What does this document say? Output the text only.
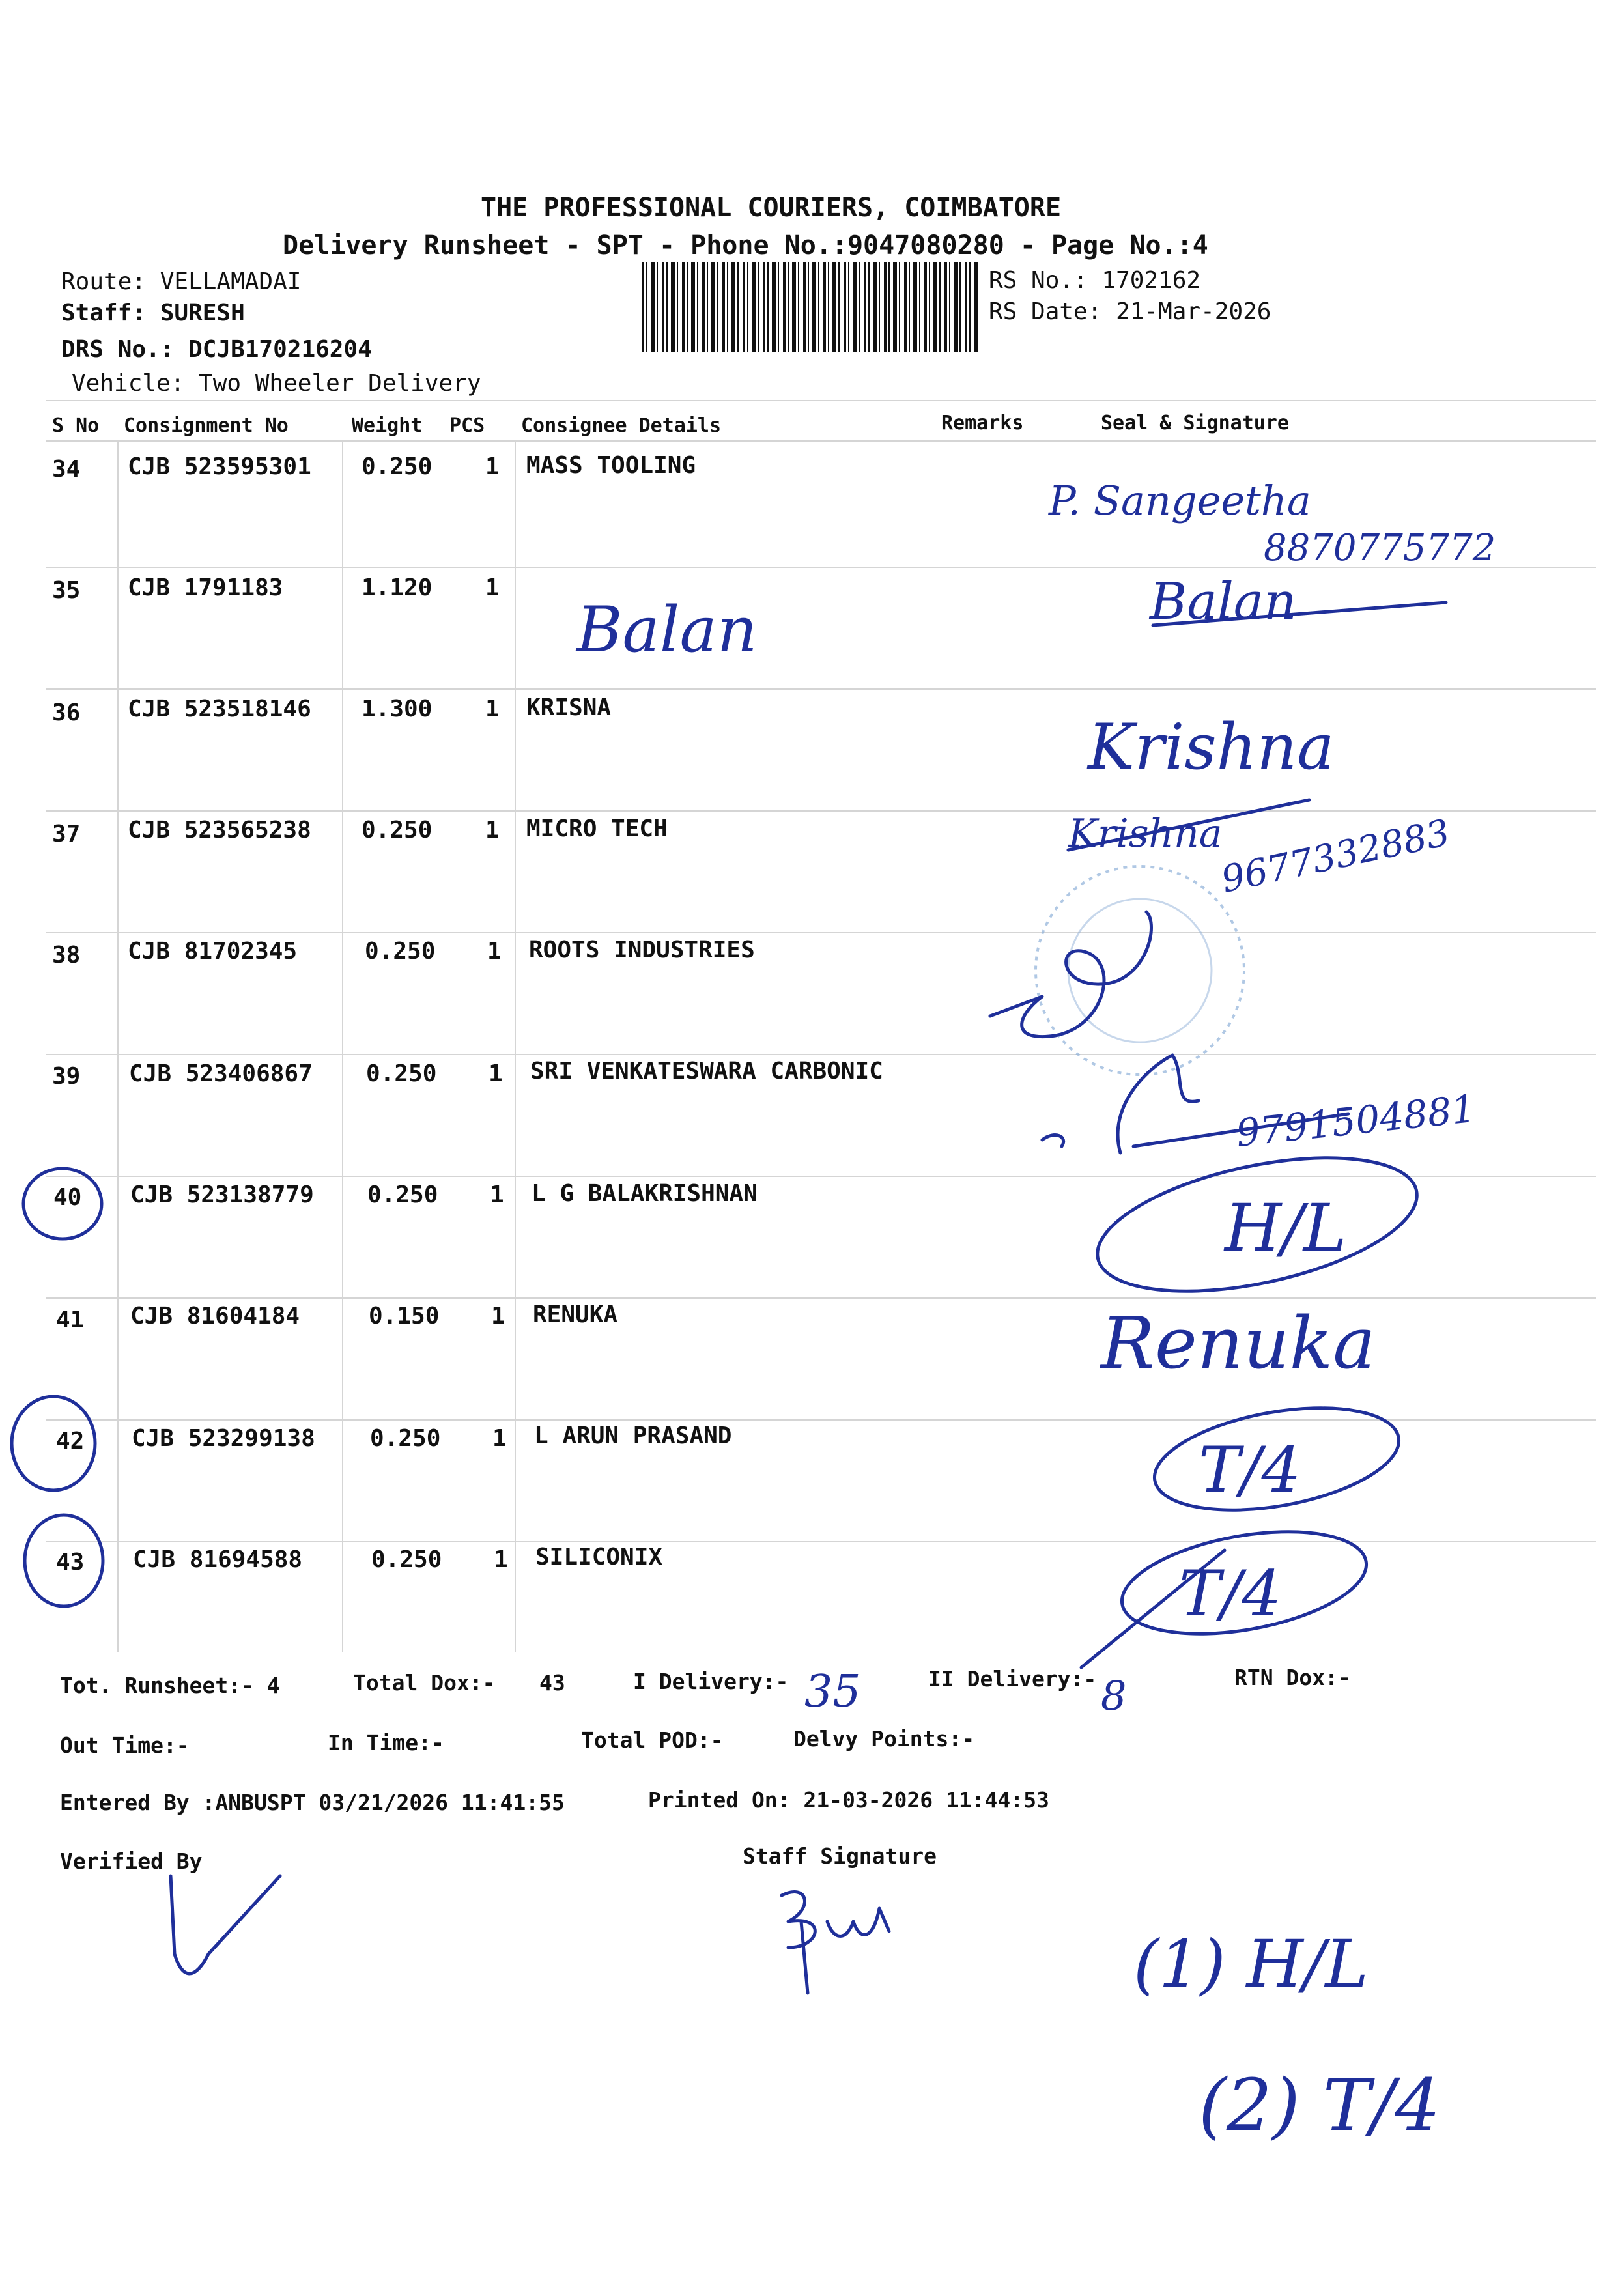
THE PROFESSIONAL COURIERS, COIMBATORE
Delivery Runsheet - SPT - Phone No.:9047080280 - Page No.:4
Route: VELLAMADAI
Staff: SURESH
DRS No.: DCJB170216204
Vehicle: Two Wheeler Delivery
RS No.: 1702162
RS Date: 21-Mar-2026
S No Consignment No	Weight PCS Consignee Details	Remarks	Seal & Signature
34 CJB 523595301 0.250 1 MASS TOOLING
35 CJB 1791183	1.120 1
36 CJB 523518146 1.300 1 KRISNA
37 CJB 523565238 0.250 1 MICRO TECH
38 CJB 81702345	0.250 1 ROOTS INDUSTRIES
39 CJB 523406867 0.250 1 SRI VENKATESWARA CARBONIC
40 CJB 523138779 0.250 1 L G BALAKRISHNAN
41 CJB 81604184	0.150 1 RENUKA
42 CJB 523299138 0.250 1 L ARUN PRASAND
43 CJB 81694588	0.250 1 SILICONIX
Tot. Runsheet:- 4	Total Dox:- 43	I Delivery:-	II Delivery:-	RTN Dox:-
Out Time:-	In Time:-	Total POD:-	Delvy Points:-
Entered By :ANBUSPT 03/21/2026 11:41:55	Printed On: 21-03-2026 11:44:53
Verified By	Staff Signature
P. Sangeetha
8870775772
Balan	Balan
Krishna
Krishna
9677332883
9791504881
H/L
Renuka
T/4
T/4
35	8
(1) H/L
(2) T/4
